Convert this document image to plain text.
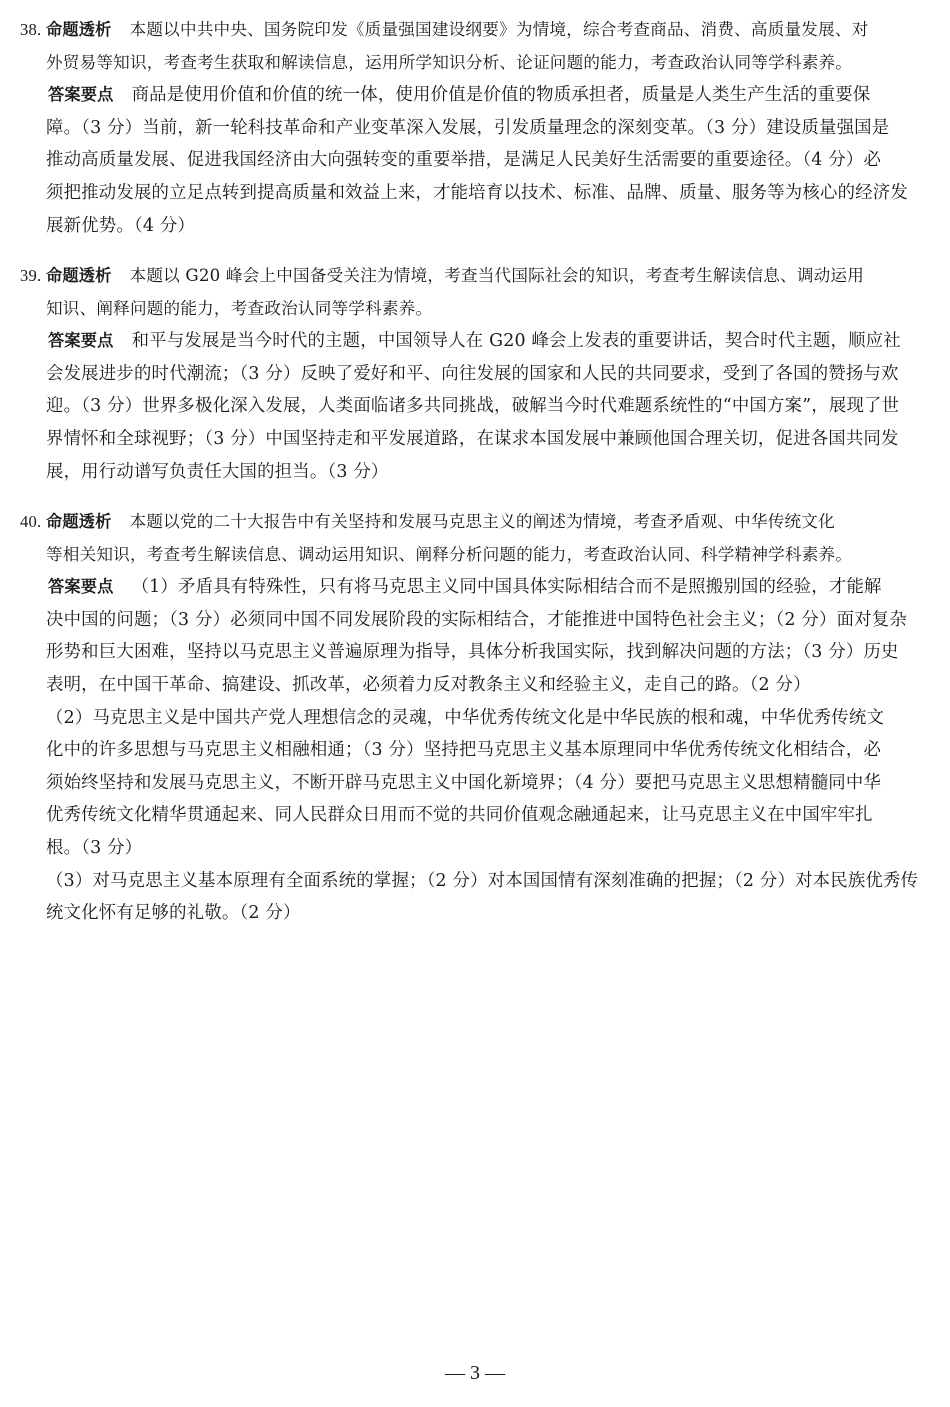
38. 命题透析 本题以中共中央、国务院印发《质量强国建设纲要》为情境，综合考查商品、消费、高质量发展、对
外贸易等知识，考查考生获取和解读信息，运用所学知识分析、论证问题的能力，考查政治认同等学科素养。
答案要点 商品是使用价值和价值的统一体，使用价值是价值的物质承担者，质量是人类生产生活的重要保
障。（3 分）当前，新一轮科技革命和产业变革深入发展，引发质量理念的深刻变革。（3 分）建设质量强国是
推动高质量发展、促进我国经济由大向强转变的重要举措，是满足人民美好生活需要的重要途径。（4 分）必
须把推动发展的立足点转到提高质量和效益上来，才能培育以技术、标准、品牌、质量、服务等为核心的经济发
展新优势。（4 分）
39. 命题透析 本题以 G20 峰会上中国备受关注为情境，考查当代国际社会的知识，考查考生解读信息、调动运用
知识、阐释问题的能力，考查政治认同等学科素养。
答案要点 和平与发展是当今时代的主题，中国领导人在 G20 峰会上发表的重要讲话，契合时代主题，顺应社
会发展进步的时代潮流；（3 分）反映了爱好和平、向往发展的国家和人民的共同要求，受到了各国的赞扬与欢
迎。（3 分）世界多极化深入发展，人类面临诸多共同挑战，破解当今时代难题系统性的“中国方案”，展现了世
界情怀和全球视野；（3 分）中国坚持走和平发展道路，在谋求本国发展中兼顾他国合理关切，促进各国共同发
展，用行动谱写负责任大国的担当。（3 分）
40. 命题透析 本题以党的二十大报告中有关坚持和发展马克思主义的阐述为情境，考查矛盾观、中华传统文化
等相关知识，考查考生解读信息、调动运用知识、阐释分析问题的能力，考查政治认同、科学精神学科素养。
答案要点 （1）矛盾具有特殊性，只有将马克思主义同中国具体实际相结合而不是照搬别国的经验，才能解
决中国的问题；（3 分）必须同中国不同发展阶段的实际相结合，才能推进中国特色社会主义；（2 分）面对复杂
形势和巨大困难，坚持以马克思主义普遍原理为指导，具体分析我国实际，找到解决问题的方法；（3 分）历史
表明，在中国干革命、搞建设、抓改革，必须着力反对教条主义和经验主义，走自己的路。（2 分）
（2）马克思主义是中国共产党人理想信念的灵魂，中华优秀传统文化是中华民族的根和魂，中华优秀传统文
化中的许多思想与马克思主义相融相通；（3 分）坚持把马克思主义基本原理同中华优秀传统文化相结合，必
须始终坚持和发展马克思主义，不断开辟马克思主义中国化新境界；（4 分）要把马克思主义思想精髓同中华
优秀传统文化精华贯通起来、同人民群众日用而不觉的共同价值观念融通起来，让马克思主义在中国牢牢扎
根。（3 分）
（3）对马克思主义基本原理有全面系统的掌握；（2 分）对本国国情有深刻准确的把握；（2 分）对本民族优秀传
统文化怀有足够的礼敬。（2 分）
— 3 —
